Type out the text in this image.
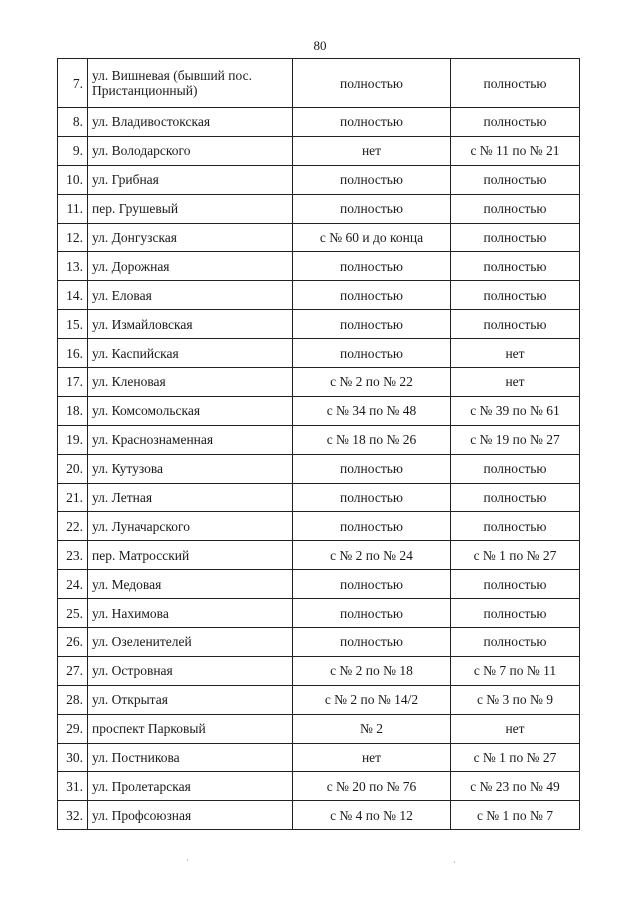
80
7.	ул. Вишневая (бывший пос. Пристанционный)	полностью	полностью
8.	ул. Владивостокская	полностью	полностью
9.	ул. Володарского	нет	с № 11 по № 21
10.	ул. Грибная	полностью	полностью
11.	пер. Грушевый	полностью	полностью
12.	ул. Донгузская	с № 60 и до конца	полностью
13.	ул. Дорожная	полностью	полностью
14.	ул. Еловая	полностью	полностью
15.	ул. Измайловская	полностью	полностью
16.	ул. Каспийская	полностью	нет
17.	ул. Кленовая	с № 2 по № 22	нет
18.	ул. Комсомольская	с № 34 по № 48	с № 39 по № 61
19.	ул. Краснознаменная	с № 18 по № 26	с № 19 по № 27
20.	ул. Кутузова	полностью	полностью
21.	ул. Летная	полностью	полностью
22.	ул. Луначарского	полностью	полностью
23.	пер. Матросский	с № 2 по № 24	с № 1 по № 27
24.	ул. Медовая	полностью	полностью
25.	ул. Нахимова	полностью	полностью
26.	ул. Озеленителей	полностью	полностью
27.	ул. Островная	с № 2 по № 18	с № 7 по № 11
28.	ул. Открытая	с № 2 по № 14/2	с № 3 по № 9
29.	проспект Парковый	№ 2	нет
30.	ул. Постникова	нет	с № 1 по № 27
31.	ул. Пролетарская	с № 20 по № 76	с № 23 по № 49
32.	ул. Профсоюзная	с № 4 по № 12	с № 1 по № 7
·	·
